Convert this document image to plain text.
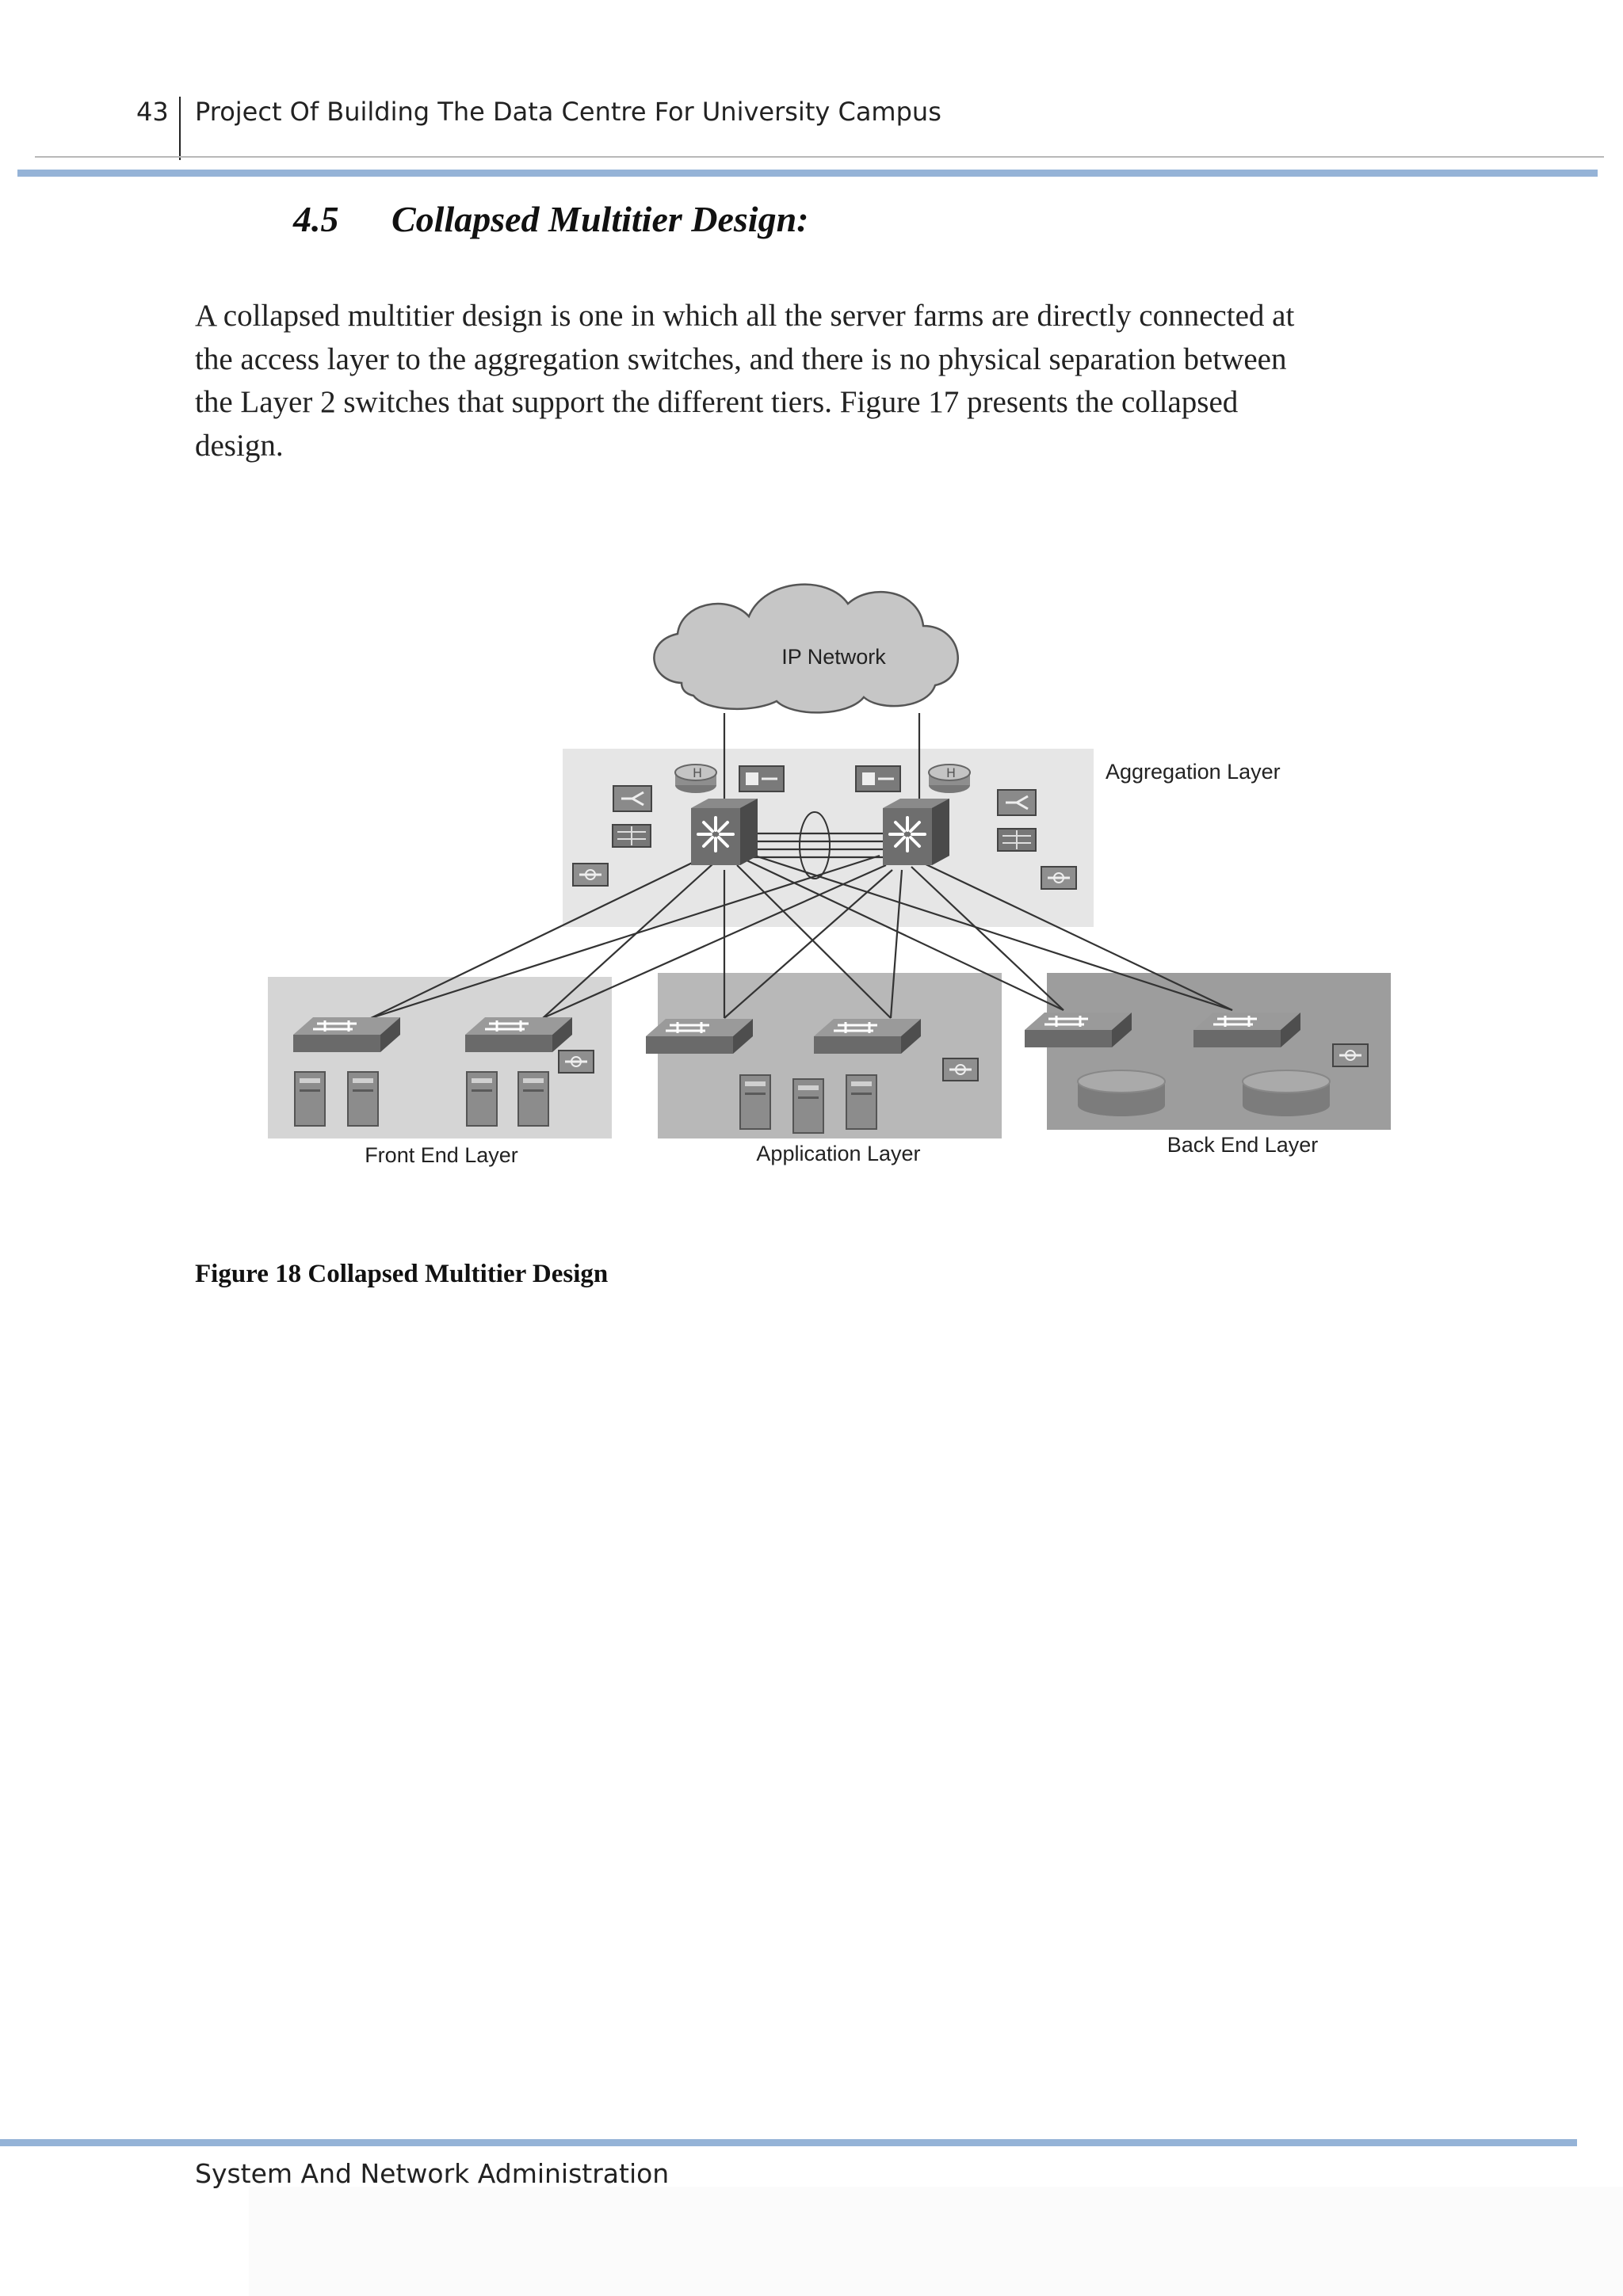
43 Project Of Building The Data Centre For University Campus
4.5 Collapsed Multitier Design:
A collapsed multitier design is one in which all the server farms are directly connected at
the access layer to the aggregation switches, and there is no physical separation between
the Layer 2 switches that support the different tiers. Figure 17 presents the collapsed
design.
H
IP Network
Aggregation Layer
Front End Layer	Application Layer	Back End Layer
Figure 18 Collapsed Multitier Design
System And Network Administration
